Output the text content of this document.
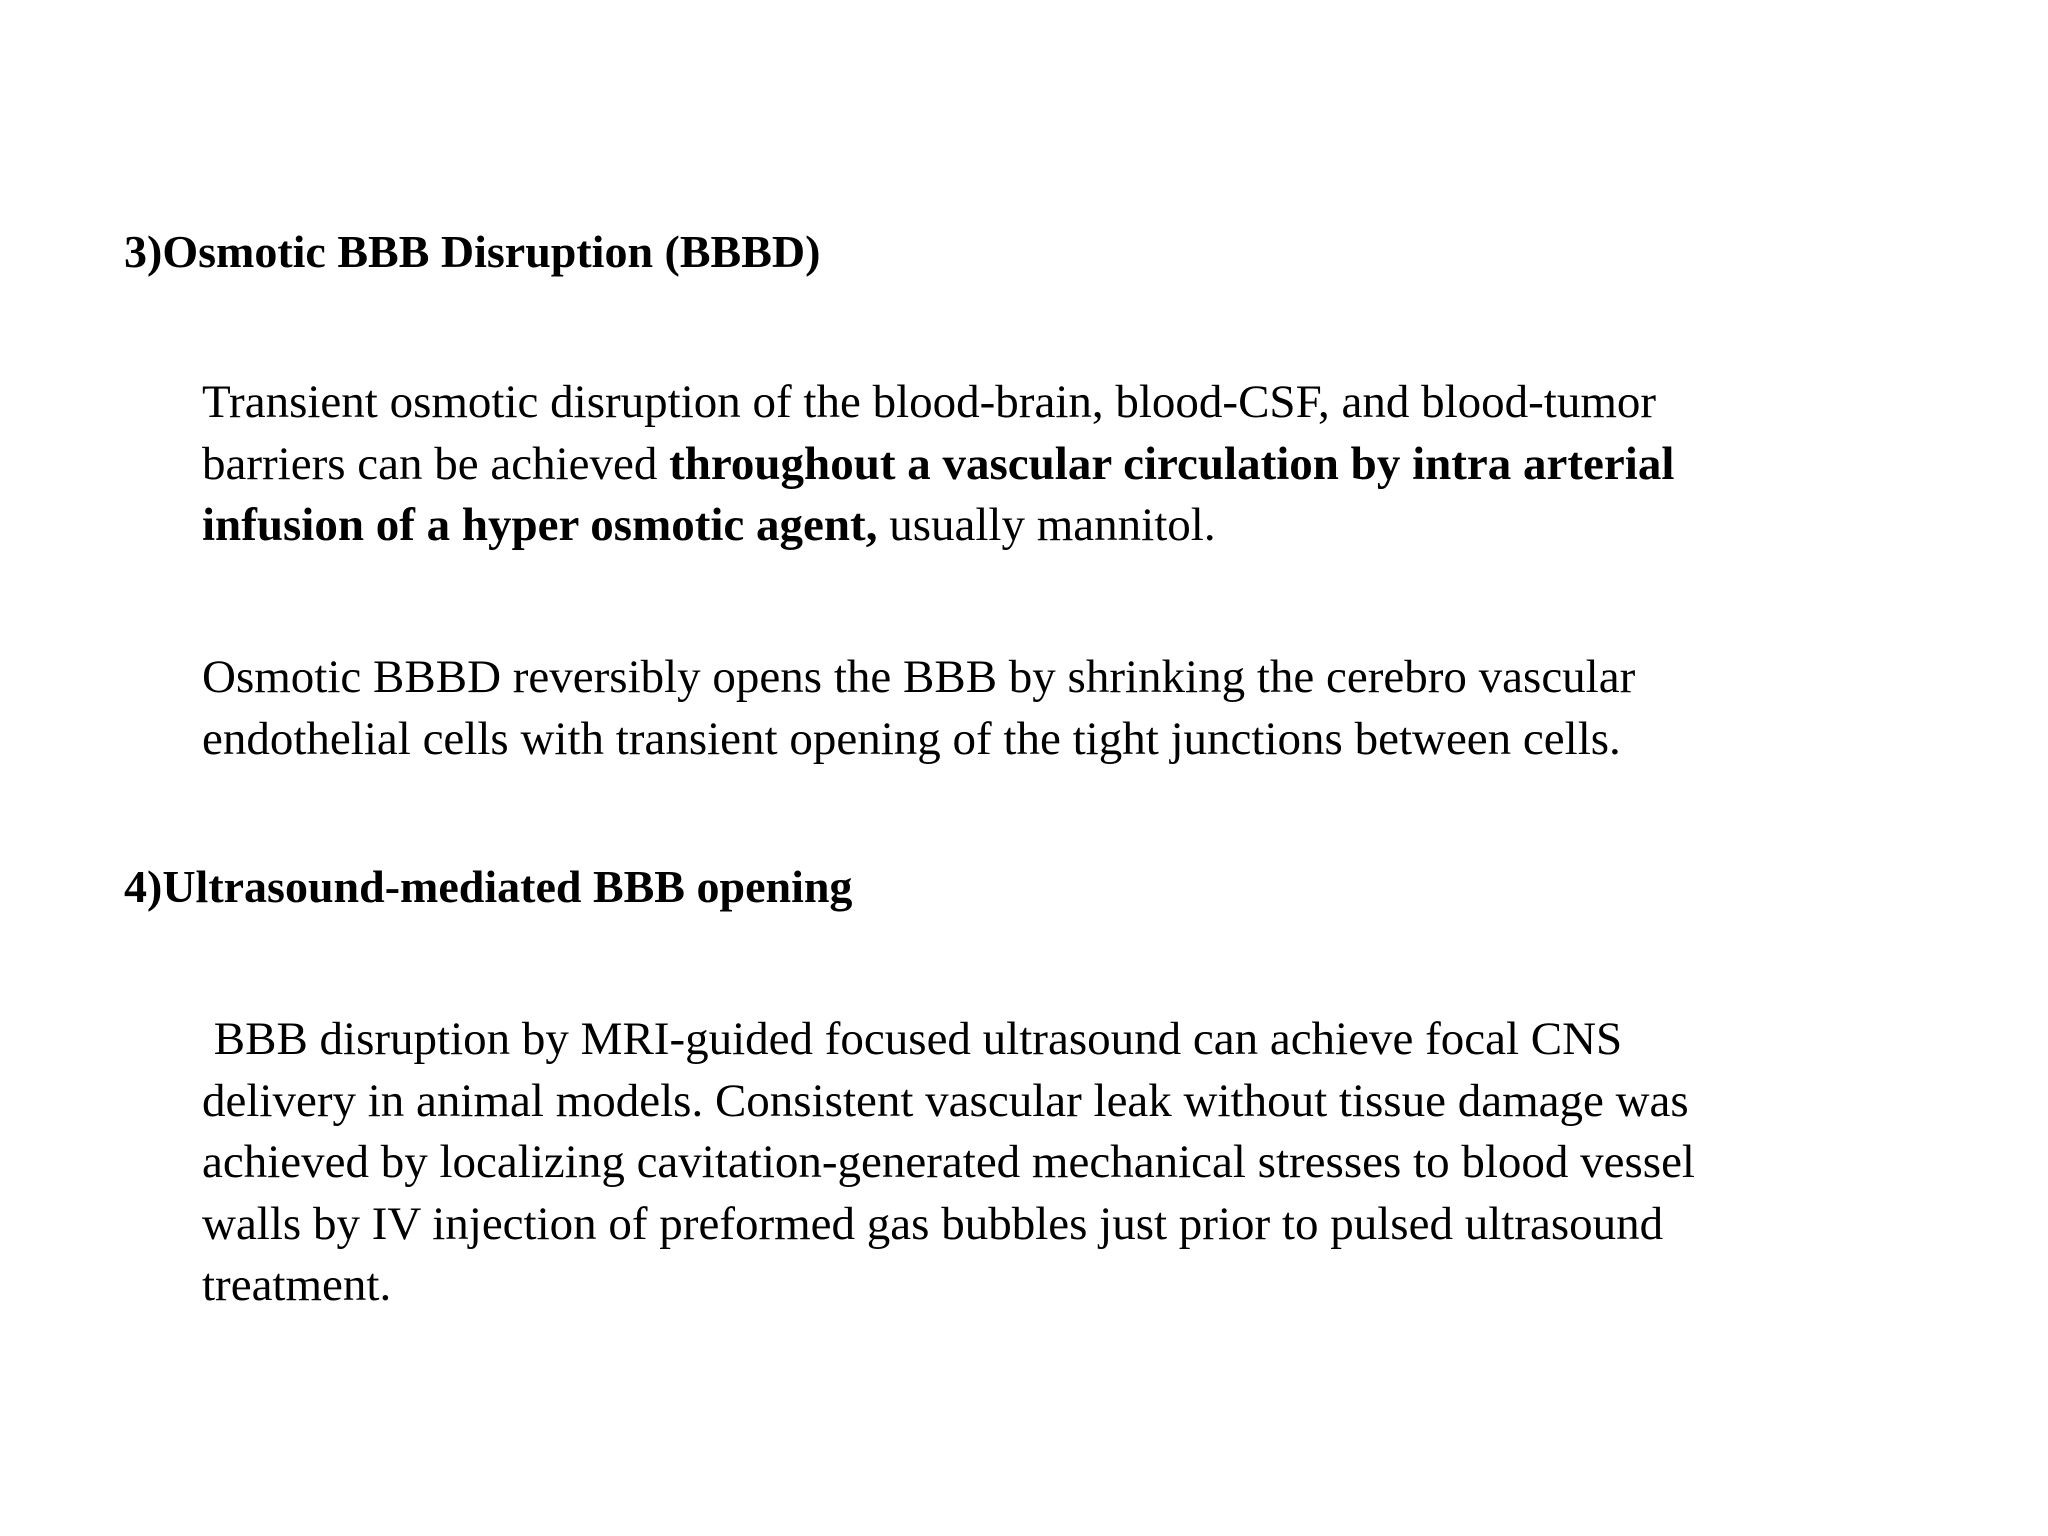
3)Osmotic BBB Disruption (BBBD)

Transient osmotic disruption of the blood-brain, blood-CSF, and blood-tumor
barriers can be achieved throughout a vascular circulation by intra arterial
infusion of a hyper osmotic agent, usually mannitol.

Osmotic BBBD reversibly opens the BBB by shrinking the cerebro vascular
endothelial cells with transient opening of the tight junctions between cells.

4)Ultrasound-mediated BBB opening

BBB disruption by MRI-guided focused ultrasound can achieve focal CNS
delivery in animal models. Consistent vascular leak without tissue damage was
achieved by localizing cavitation-generated mechanical stresses to blood vessel
walls by IV injection of preformed gas bubbles just prior to pulsed ultrasound
treatment.
